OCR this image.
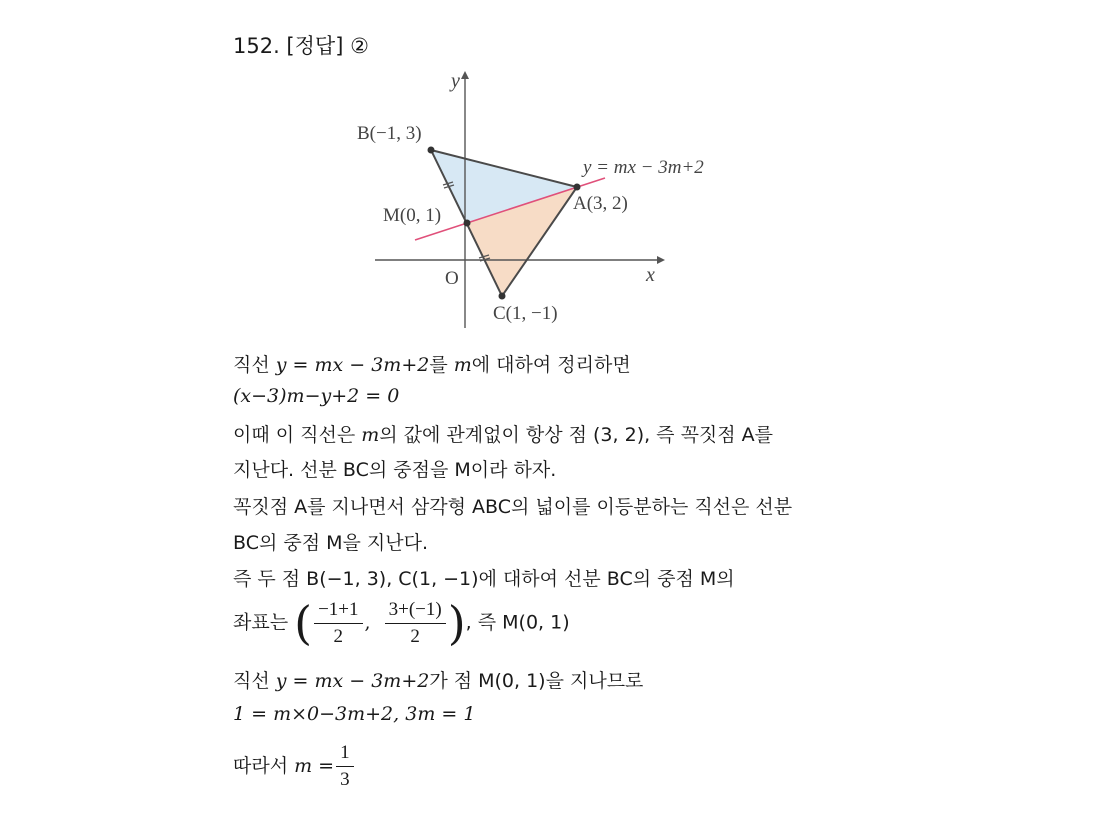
152. [정답] ②
y
x
O
B(−1, 3)
A(3, 2)
C(1, −1)
M(0, 1)
y = mx − 3m+2
직선 y = mx − 3m+2를 m에 대하여 정리하면
(x−3)m−y+2 = 0
이때 이 직선은 m의 값에 관계없이 항상 점 (3, 2), 즉 꼭짓점 A를
지난다. 선분 BC의 중점을 M이라 하자.
꼭짓점 A를 지나면서 삼각형 ABC의 넓이를 이등분하는 직선은 선분
BC의 중점 M을 지난다.
즉 두 점 B(−1, 3), C(1, −1)에 대하여 선분 BC의 중점 M의
좌표는 ( $\frac{-1+1}{2}$ , $\frac{3+(-1)}{2}$ ), 즉 M(0, 1)
직선 y = mx − 3m+2가 점 M(0, 1)을 지나므로
1 = m×0−3m+2, 3m = 1
따라서 $m = \frac{1}{3}$
